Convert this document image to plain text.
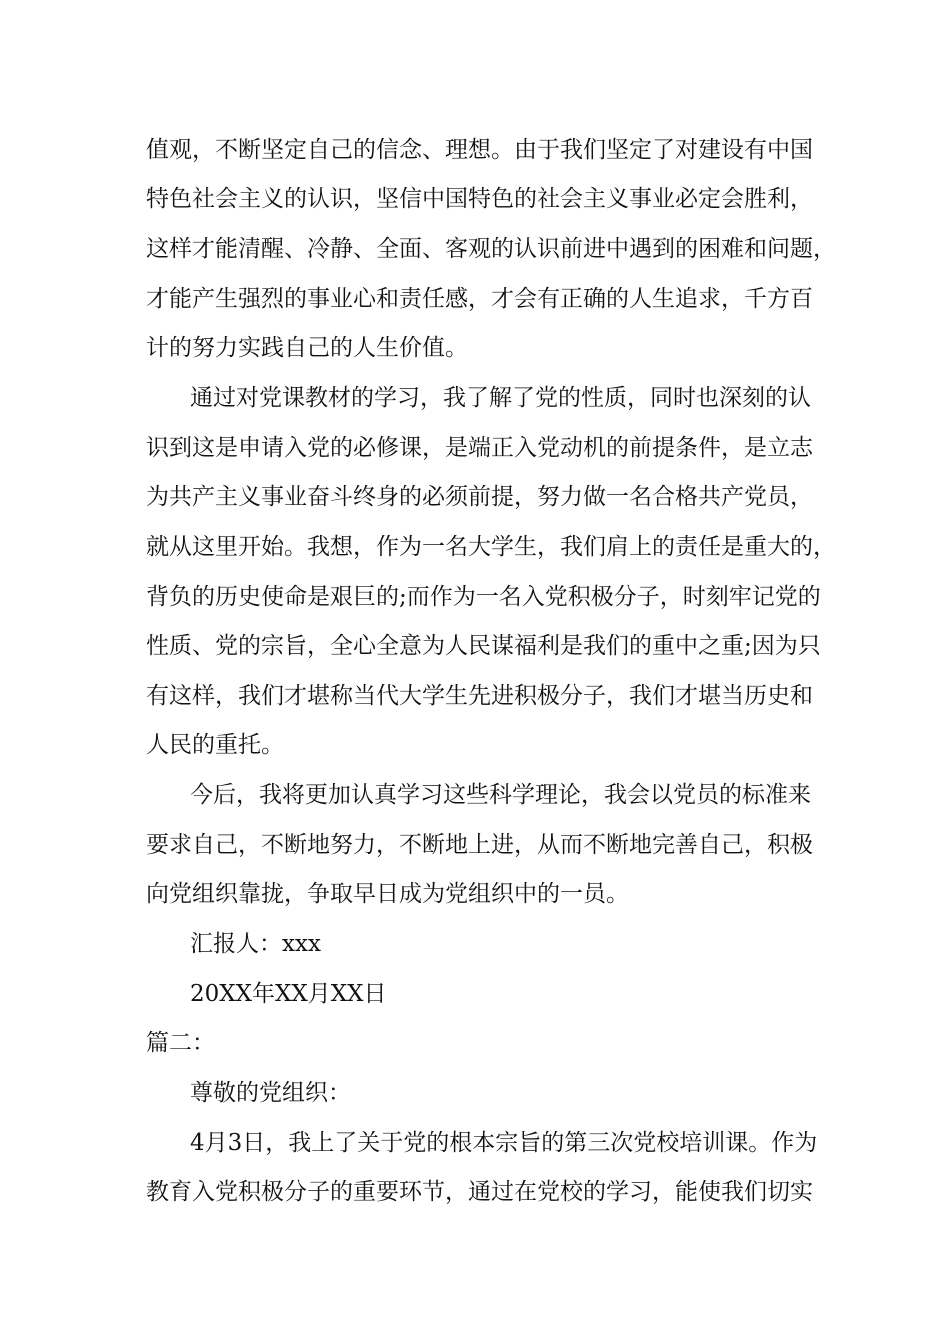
值观，不断坚定自己的信念、理想。由于我们坚定了对建设有中国

特色社会主义的认识，坚信中国特色的社会主义事业必定会胜利，

这样才能清醒、冷静、全面、客观的认识前进中遇到的困难和问题，

才能产生强烈的事业心和责任感，才会有正确的人生追求，千方百

计的努力实践自己的人生价值。

通过对党课教材的学习，我了解了党的性质，同时也深刻的认

识到这是申请入党的必修课，是端正入党动机的前提条件，是立志

为共产主义事业奋斗终身的必须前提，努力做一名合格共产党员，

就从这里开始。我想，作为一名大学生，我们肩上的责任是重大的，

背负的历史使命是艰巨的;而作为一名入党积极分子，时刻牢记党的

性质、党的宗旨，全心全意为人民谋福利是我们的重中之重;因为只

有这样，我们才堪称当代大学生先进积极分子，我们才堪当历史和

人民的重托。

今后，我将更加认真学习这些科学理论，我会以党员的标准来

要求自己，不断地努力，不断地上进，从而不断地完善自己，积极

向党组织靠拢，争取早日成为党组织中的一员。

汇报人：xxx

20XX年XX月XX日

篇二：

尊敬的党组织：

4月3日，我上了关于党的根本宗旨的第三次党校培训课。作为

教育入党积极分子的重要环节，通过在党校的学习，能使我们切实
